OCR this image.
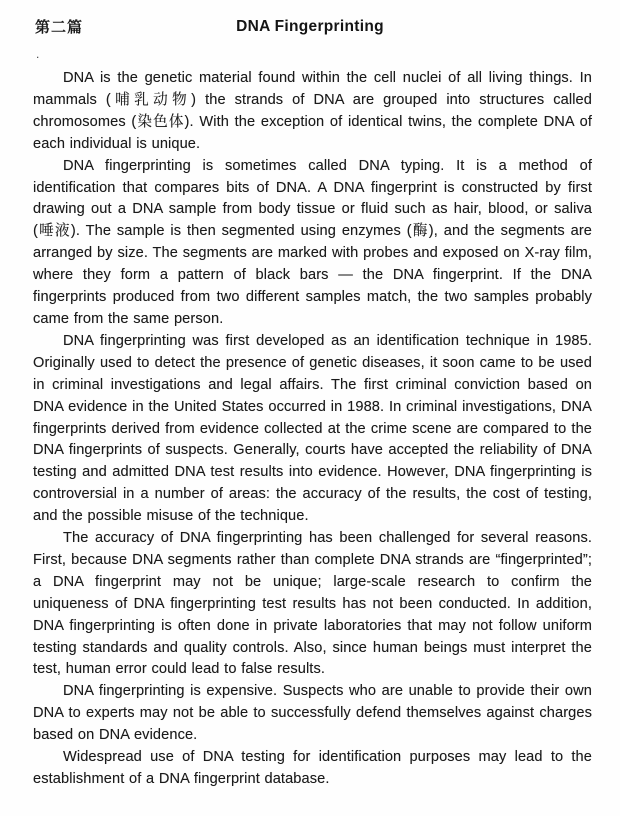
第二篇	DNA Fingerprinting
.

DNA is the genetic material found within the cell nuclei of all living things. In mammals (哺乳动物) the strands of DNA are grouped into structures called chromosomes (染色体). With the exception of identical twins, the complete DNA of each individual is unique.

DNA fingerprinting is sometimes called DNA typing. It is a method of identification that compares bits of DNA. A DNA fingerprint is constructed by first drawing out a DNA sample from body tissue or fluid such as hair, blood, or saliva (唾液). The sample is then segmented using enzymes (酶), and the segments are arranged by size. The segments are marked with probes and exposed on X-ray film, where they form a pattern of black bars — the DNA fingerprint. If the DNA fingerprints produced from two different samples match, the two samples probably came from the same person.

DNA fingerprinting was first developed as an identification technique in 1985. Originally used to detect the presence of genetic diseases, it soon came to be used in criminal investigations and legal affairs. The first criminal conviction based on DNA evidence in the United States occurred in 1988. In criminal investigations, DNA fingerprints derived from evidence collected at the crime scene are compared to the DNA fingerprints of suspects. Generally, courts have accepted the reliability of DNA testing and admitted DNA test results into evidence. However, DNA fingerprinting is controversial in a number of areas: the accuracy of the results, the cost of testing, and the possible misuse of the technique.

The accuracy of DNA fingerprinting has been challenged for several reasons. First, because DNA segments rather than complete DNA strands are “fingerprinted”; a DNA fingerprint may not be unique; large-scale research to confirm the uniqueness of DNA fingerprinting test results has not been conducted. In addition, DNA fingerprinting is often done in private laboratories that may not follow uniform testing standards and quality controls. Also, since human beings must interpret the test, human error could lead to false results.

DNA fingerprinting is expensive. Suspects who are unable to provide their own DNA to experts may not be able to successfully defend themselves against charges based on DNA evidence.

Widespread use of DNA testing for identification purposes may lead to the establishment of a DNA fingerprint database.
